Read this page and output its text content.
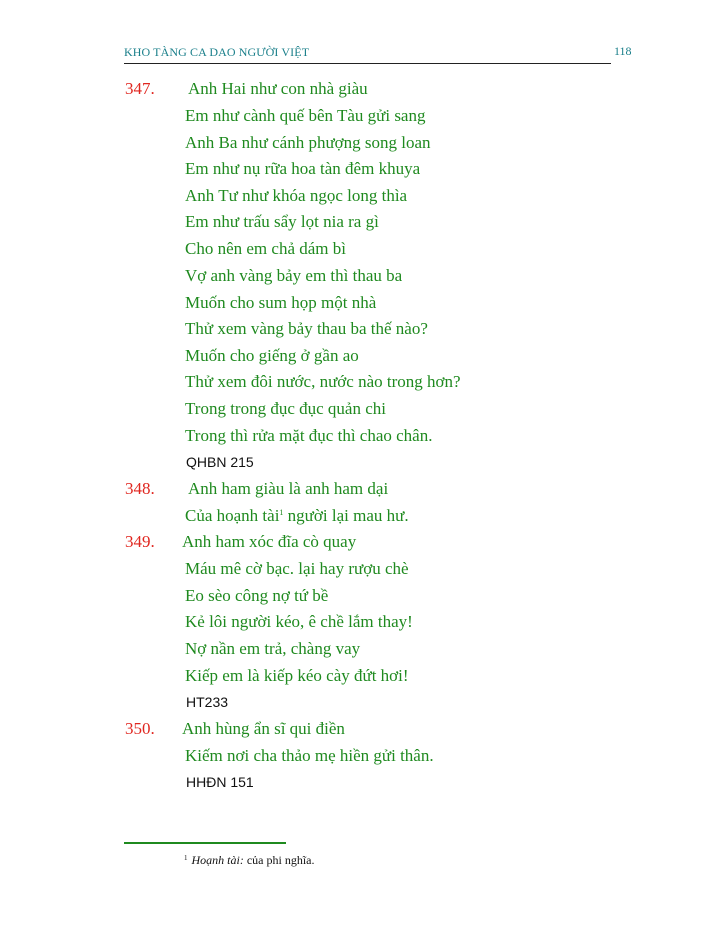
KHO TÀNG CA DAO NGƯỜI VIỆT	118
347. Anh Hai như con nhà giàu
Em như cành quế bên Tàu gửi sang
Anh Ba như cánh phượng song loan
Em như nụ rữa hoa tàn đêm khuya
Anh Tư như khóa ngọc long thìa
Em như trấu sẩy lọt nia ra gì
Cho nên em chả dám bì
Vợ anh vàng bảy em thì thau ba
Muốn cho sum họp một nhà
Thử xem vàng bảy thau ba thế nào?
Muốn cho giếng ở gần ao
Thử xem đôi nước, nước nào trong hơn?
Trong trong đục đục quản chi
Trong thì rửa mặt đục thì chao chân.
QHBN 215
348. Anh ham giàu là anh ham dại
Của hoạnh tài$^1$ người lại mau hư.
349. Anh ham xóc đĩa cò quay
Máu mê cờ bạc. lại hay rượu chè
Eo sèo công nợ tứ bề
Kẻ lôi người kéo, ê chề lắm thay!
Nợ nần em trả, chàng vay
Kiếp em là kiếp kéo cày đứt hơi!
HT233
350. Anh hùng ẩn sĩ qui điền
Kiếm nơi cha thảo mẹ hiền gửi thân.
HHĐN 151
$^1$ Hoạnh tài: của phi nghĩa.
